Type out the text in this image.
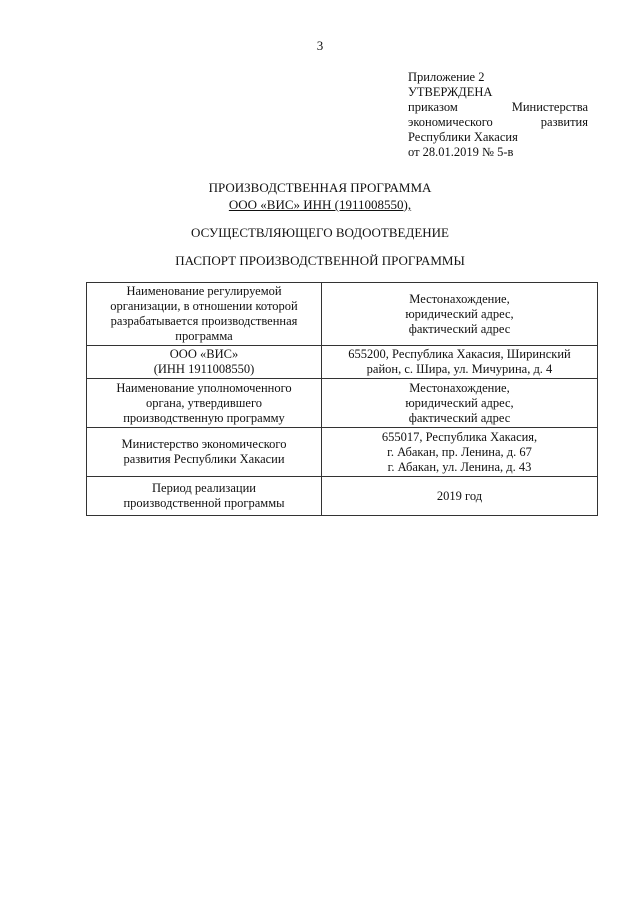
3
Приложение 2
УТВЕРЖДЕНА
приказом	Министерства
экономического	развития
Республики Хакасия
от 28.01.2019 № 5-в
ПРОИЗВОДСТВЕННАЯ ПРОГРАММА
ООО «ВИС» ИНН (1911008550),
ОСУЩЕСТВЛЯЮЩЕГО ВОДООТВЕДЕНИЕ
ПАСПОРТ ПРОИЗВОДСТВЕННОЙ ПРОГРАММЫ
Наименование регулируемой
организации, в отношении которой
разрабатывается производственная
программа	Местонахождение,
юридический адрес,
фактический адрес

ООО «ВИС»
(ИНН 1911008550)	655200, Республика Хакасия, Ширинский
район, с. Шира, ул. Мичурина, д. 4

Наименование уполномоченного
органа, утвердившего
производственную программу	Местонахождение,
юридический адрес,
фактический адрес

Министерство экономического
развития Республики Хакасии	655017, Республика Хакасия,
г. Абакан, пр. Ленина, д. 67
г. Абакан, ул. Ленина, д. 43

Период реализации
производственной программы	2019 год
